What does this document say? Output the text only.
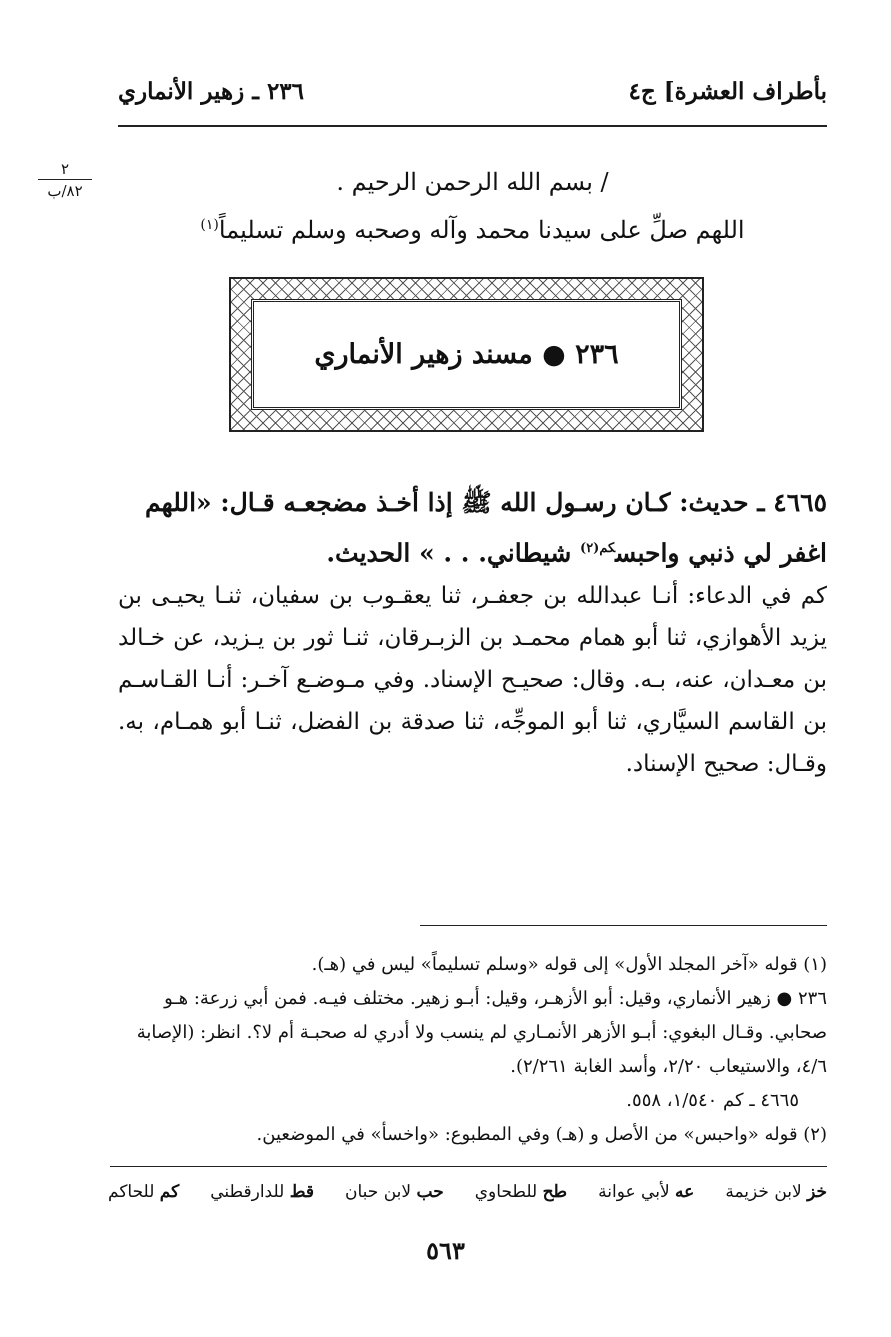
بأطراف العشرة] ج٤
٢٣٦ ـ زهير الأنماري
٢
٨٢/ب	/ بسم الله الرحمن الرحيم .
اللهم صلِّ على سيدنا محمد وآله وصحبه وسلم تسليماً$^{(١)}$
٢٣٦ ● مسند زهير الأنماري
٤٦٦٥ ـ حديث: كـان رسـول الله ﷺ إذا أخـذ مضجعـه قـال: «اللهم
اغفر لي ذنبي واحبس$^{كم(٢)}$ شيطاني. . . » الحديث.
كم في الدعاء: أنـا عبدالله بن جعفـر، ثنا يعقـوب بن سفيان، ثنـا يحيـى بن يزيد الأهوازي، ثنا أبو همام محمـد بن الزبـرقان، ثنـا ثور بن يـزيد، عن خـالد بن معـدان، عنه، بـه. وقال: صحيـح الإسناد. وفي مـوضـع آخـر: أنـا القـاسـم بن القاسم السيَّاري، ثنا أبو الموجِّه، ثنا صدقة بن الفضل، ثنـا أبو همـام، به. وقـال: صحيح الإسناد.
(١) قوله «آخر المجلد الأول» إلى قوله «وسلم تسليماً» ليس في (هـ).
٢٣٦ ● زهير الأنماري، وقيل: أبو الأزهـر، وقيل: أبـو زهير. مختلف فيـه. فمن أبي زرعة: هـو صحابي. وقـال البغوي: أبـو الأزهر الأنمـاري لم ينسب ولا أدري له صحبـة أم لا؟. انظر: (الإصابة ٤/٦، والاستيعاب ٢/٢٠، وأسد الغابة ٢/٢٦١).
٤٦٦٥ ـ كم ١/٥٤٠، ٥٥٨.
(٢) قوله «واحبس» من الأصل و (هـ) وفي المطبوع: «واخسأ» في الموضعين.
خز لابن خزيمة
عه لأبي عوانة
طح للطحاوي
حب لابن حبان
قط للدارقطني
كم للحاكم
٥٦٣
